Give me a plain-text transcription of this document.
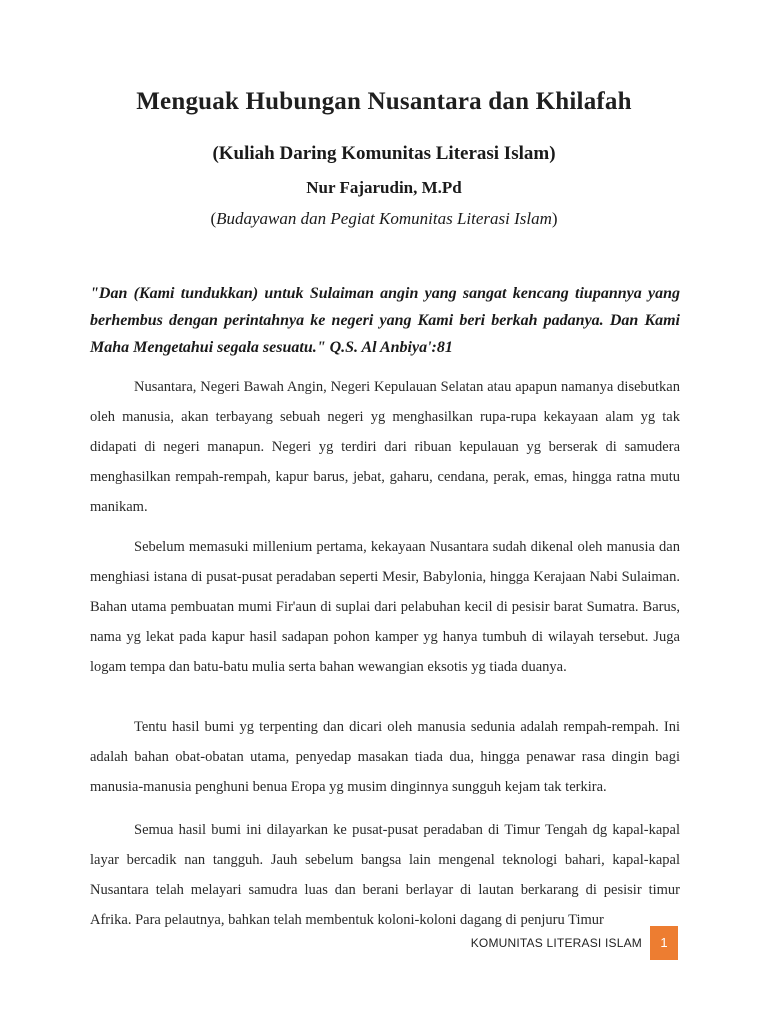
Menguak Hubungan Nusantara dan Khilafah
(Kuliah Daring Komunitas Literasi Islam)
Nur Fajarudin, M.Pd
(Budayawan dan Pegiat Komunitas Literasi Islam)
"Dan (Kami tundukkan) untuk Sulaiman angin yang sangat kencang tiupannya yang berhembus dengan perintahnya ke negeri yang Kami beri berkah padanya. Dan Kami Maha Mengetahui segala sesuatu." Q.S. Al Anbiya':81

Nusantara, Negeri Bawah Angin, Negeri Kepulauan Selatan atau apapun namanya disebutkan oleh manusia, akan terbayang sebuah negeri yg menghasilkan rupa-rupa kekayaan alam yg tak didapati di negeri manapun. Negeri yg terdiri dari ribuan kepulauan yg berserak di samudera menghasilkan rempah-rempah, kapur barus, jebat, gaharu, cendana, perak, emas, hingga ratna mutu manikam.

Sebelum memasuki millenium pertama, kekayaan Nusantara sudah dikenal oleh manusia dan menghiasi istana di pusat-pusat peradaban seperti Mesir, Babylonia, hingga Kerajaan Nabi Sulaiman. Bahan utama pembuatan mumi Fir'aun di suplai dari pelabuhan kecil di pesisir barat Sumatra. Barus, nama yg lekat pada kapur hasil sadapan pohon kamper yg hanya tumbuh di wilayah tersebut. Juga logam tempa dan batu-batu mulia serta bahan wewangian eksotis yg tiada duanya.

Tentu hasil bumi yg terpenting dan dicari oleh manusia sedunia adalah rempah-rempah. Ini adalah bahan obat-obatan utama, penyedap masakan tiada dua, hingga penawar rasa dingin bagi manusia-manusia penghuni benua Eropa yg musim dinginnya sungguh kejam tak terkira.

Semua hasil bumi ini dilayarkan ke pusat-pusat peradaban di Timur Tengah dg kapal-kapal layar bercadik nan tangguh. Jauh sebelum bangsa lain mengenal teknologi bahari, kapal-kapal Nusantara telah melayari samudra luas dan berani berlayar di lautan berkarang di pesisir timur Afrika. Para pelautnya, bahkan telah membentuk koloni-koloni dagang di penjuru Timur

KOMUNITAS LITERASI ISLAM	1
